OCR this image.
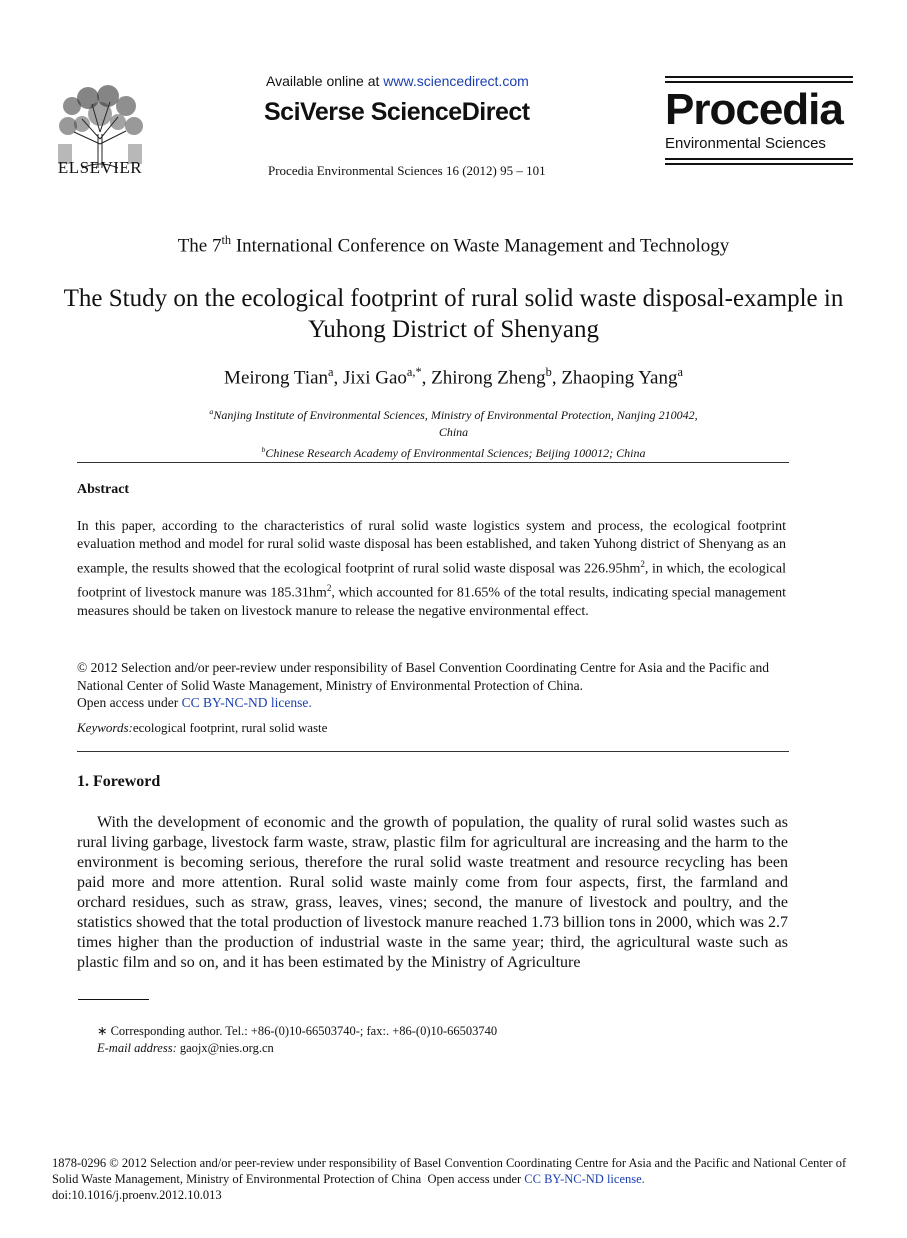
ELSEVIER
Available online at www.sciencedirect.com
SciVerse ScienceDirect
Procedia Environmental Sciences 16 (2012) 95 – 101
Procedia
Environmental Sciences
The 7th International Conference on Waste Management and Technology
The Study on the ecological footprint of rural solid waste disposal-example in Yuhong District of Shenyang
Meirong Tian$^a$, Jixi Gao$^{a,*}$, Zhirong Zheng$^b$, Zhaoping Yang$^a$
$^a$Nanjing Institute of Environmental Sciences, Ministry of Environmental Protection, Nanjing 210042,
China
$^b$Chinese Research Academy of Environmental Sciences; Beijing 100012; China
Abstract
In this paper, according to the characteristics of rural solid waste logistics system and process, the ecological footprint evaluation method and model for rural solid waste disposal has been established, and taken Yuhong district of Shenyang as an example, the results showed that the ecological footprint of rural solid waste disposal was $226.95hm^2$, in which, the ecological footprint of livestock manure was $185.31hm^2$, which accounted for 81.65% of the total results, indicating special management measures should be taken on livestock manure to release the negative environmental effect.
© 2012 Selection and/or peer-review under responsibility of Basel Convention Coordinating Centre for Asia and the Pacific and National Center of Solid Waste Management, Ministry of Environmental Protection of China.
Open access under CC BY-NC-ND license.
Keywords:ecological footprint, rural solid waste
1. Foreword
With the development of economic and the growth of population, the quality of rural solid wastes such as rural living garbage, livestock farm waste, straw, plastic film for agricultural are increasing and the harm to the environment is becoming serious, therefore the rural solid waste treatment and resource recycling has been paid more and more attention. Rural solid waste mainly come from four aspects, first, the farmland and orchard residues, such as straw, grass, leaves, vines; second, the manure of livestock and poultry, and the statistics showed that the total production of livestock manure reached 1.73 billion tons in 2000, which was 2.7 times higher than the production of industrial waste in the same year; third, the agricultural waste such as plastic film and so on, and it has been estimated by the Ministry of Agriculture
∗ Corresponding author. Tel.: +86-(0)10-66503740-; fax:. +86-(0)10-66503740
E-mail address: gaojx@nies.org.cn
1878-0296 © 2012 Selection and/or peer-review under responsibility of Basel Convention Coordinating Centre for Asia and the Pacific and National Center of Solid Waste Management, Ministry of Environmental Protection of China  Open access under CC BY-NC-ND license.
doi:10.1016/j.proenv.2012.10.013
